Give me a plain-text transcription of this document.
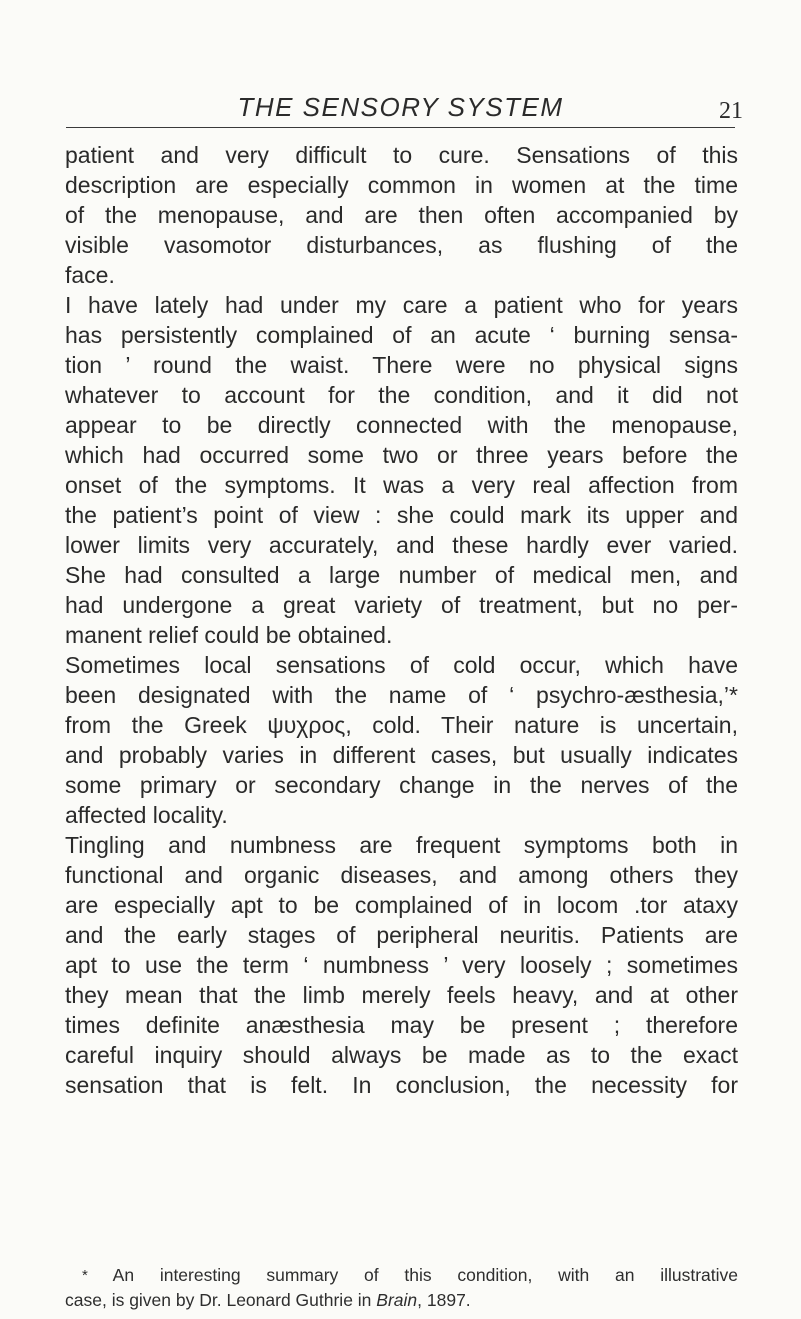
THE SENSORY SYSTEM	21
patient and very difficult to cure. Sensations of this
description are especially common in women at the time
of the menopause, and are then often accompanied by
visible vasomotor disturbances, as flushing of the
face.
I have lately had under my care a patient who for years
has persistently complained of an acute ‘ burning sensa-
tion ’ round the waist. There were no physical signs
whatever to account for the condition, and it did not
appear to be directly connected with the menopause,
which had occurred some two or three years before the
onset of the symptoms. It was a very real affection from
the patient’s point of view : she could mark its upper and
lower limits very accurately, and these hardly ever varied.
She had consulted a large number of medical men, and
had undergone a great variety of treatment, but no per-
manent relief could be obtained.
Sometimes local sensations of cold occur, which have
been designated with the name of ‘ psychro-æsthesia,’*
from the Greek ψυχρος, cold. Their nature is uncertain,
and probably varies in different cases, but usually indicates
some primary or secondary change in the nerves of the
affected locality.
Tingling and numbness are frequent symptoms both in
functional and organic diseases, and among others they
are especially apt to be complained of in locom .tor ataxy
and the early stages of peripheral neuritis. Patients are
apt to use the term ‘ numbness ’ very loosely ; sometimes
they mean that the limb merely feels heavy, and at other
times definite anæsthesia may be present ; therefore
careful inquiry should always be made as to the exact
sensation that is felt. In conclusion, the necessity for
* An interesting summary of this condition, with an illustrative
case, is given by Dr. Leonard Guthrie in Brain, 1897.
